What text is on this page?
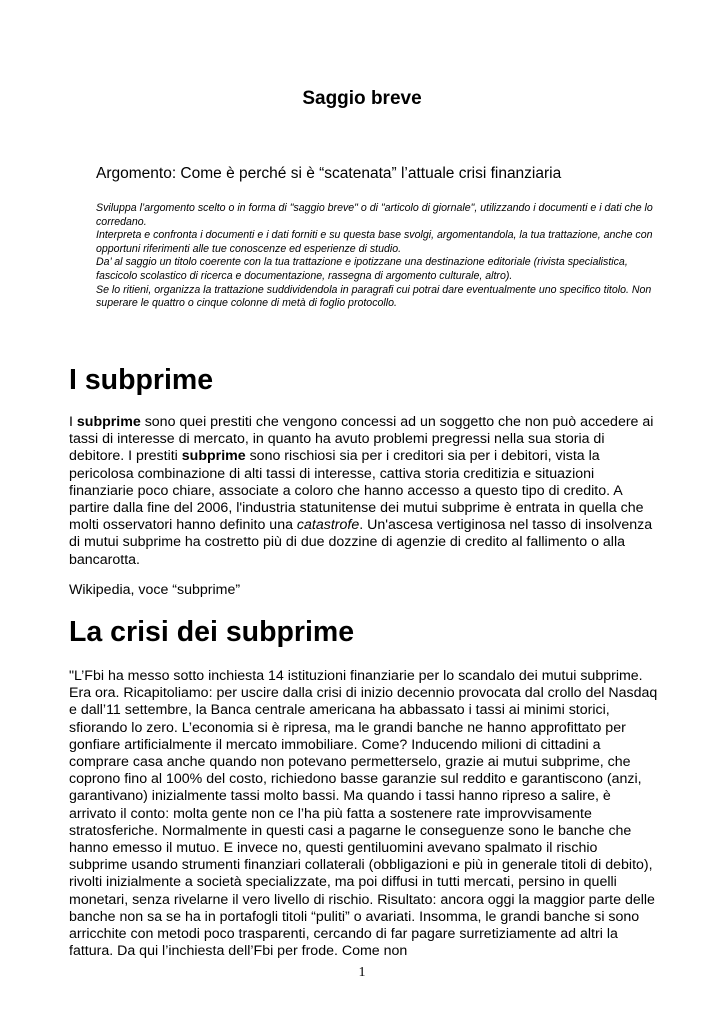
Saggio breve
Argomento: Come è perché si è “scatenata” l’attuale crisi finanziaria

Sviluppa l’argomento scelto o in forma di "saggio breve" o di "articolo di giornale", utilizzando i documenti e i dati che lo corredano.

Interpreta e confronta i documenti e i dati forniti e su questa base svolgi, argomentandola, la tua trattazione, anche con opportuni riferimenti alle tue conoscenze ed esperienze di studio.

Da’ al saggio un titolo coerente con la tua trattazione e ipotizzane una destinazione editoriale (rivista specialistica, fascicolo scolastico di ricerca e documentazione, rassegna di argomento culturale, altro).

Se lo ritieni, organizza la trattazione suddividendola in paragrafi cui potrai dare eventualmente uno specifico titolo. Non superare le quattro o cinque colonne di metà di foglio protocollo.

I subprime

I subprime sono quei prestiti che vengono concessi ad un soggetto che non può accedere ai tassi di interesse di mercato, in quanto ha avuto problemi pregressi nella sua storia di debitore. I prestiti subprime sono rischiosi sia per i creditori sia per i debitori, vista la pericolosa combinazione di alti tassi di interesse, cattiva storia creditizia e situazioni finanziarie poco chiare, associate a coloro che hanno accesso a questo tipo di credito. A partire dalla fine del 2006, l'industria statunitense dei mutui subprime è entrata in quella che molti osservatori hanno definito una catastrofe. Un'ascesa vertiginosa nel tasso di insolvenza di mutui subprime ha costretto più di due dozzine di agenzie di credito al fallimento o alla bancarotta.

Wikipedia, voce “subprime”

La crisi dei subprime

"L’Fbi ha messo sotto inchiesta 14 istituzioni finanziarie per lo scandalo dei mutui subprime. Era ora. Ricapitoliamo: per uscire dalla crisi di inizio decennio provocata dal crollo del Nasdaq e dall’11 settembre, la Banca centrale americana ha abbassato i tassi ai minimi storici, sfiorando lo zero. L’economia si è ripresa, ma le grandi banche ne hanno approfittato per gonfiare artificialmente il mercato immobiliare. Come? Inducendo milioni di cittadini a comprare casa anche quando non potevano permetterselo, grazie ai mutui subprime, che coprono fino al 100% del costo, richiedono basse garanzie sul reddito e garantiscono (anzi, garantivano) inizialmente tassi molto bassi. Ma quando i tassi hanno ripreso a salire, è arrivato il conto: molta gente non ce l’ha più fatta a sostenere rate improvvisamente stratosferiche. Normalmente in questi casi a pagarne le conseguenze sono le banche che hanno emesso il mutuo. E invece no, questi gentiluomini avevano spalmato il rischio subprime usando strumenti finanziari collaterali (obbligazioni e più in generale titoli di debito), rivolti inizialmente a società specializzate, ma poi diffusi in tutti mercati, persino in quelli monetari, senza rivelarne il vero livello di rischio. Risultato: ancora oggi la maggior parte delle banche non sa se ha in portafogli titoli “puliti” o avariati. Insomma, le grandi banche si sono arricchite con metodi poco trasparenti, cercando di far pagare surretiziamente ad altri la fattura. Da qui l’inchiesta dell’Fbi per frode. Come non

1
